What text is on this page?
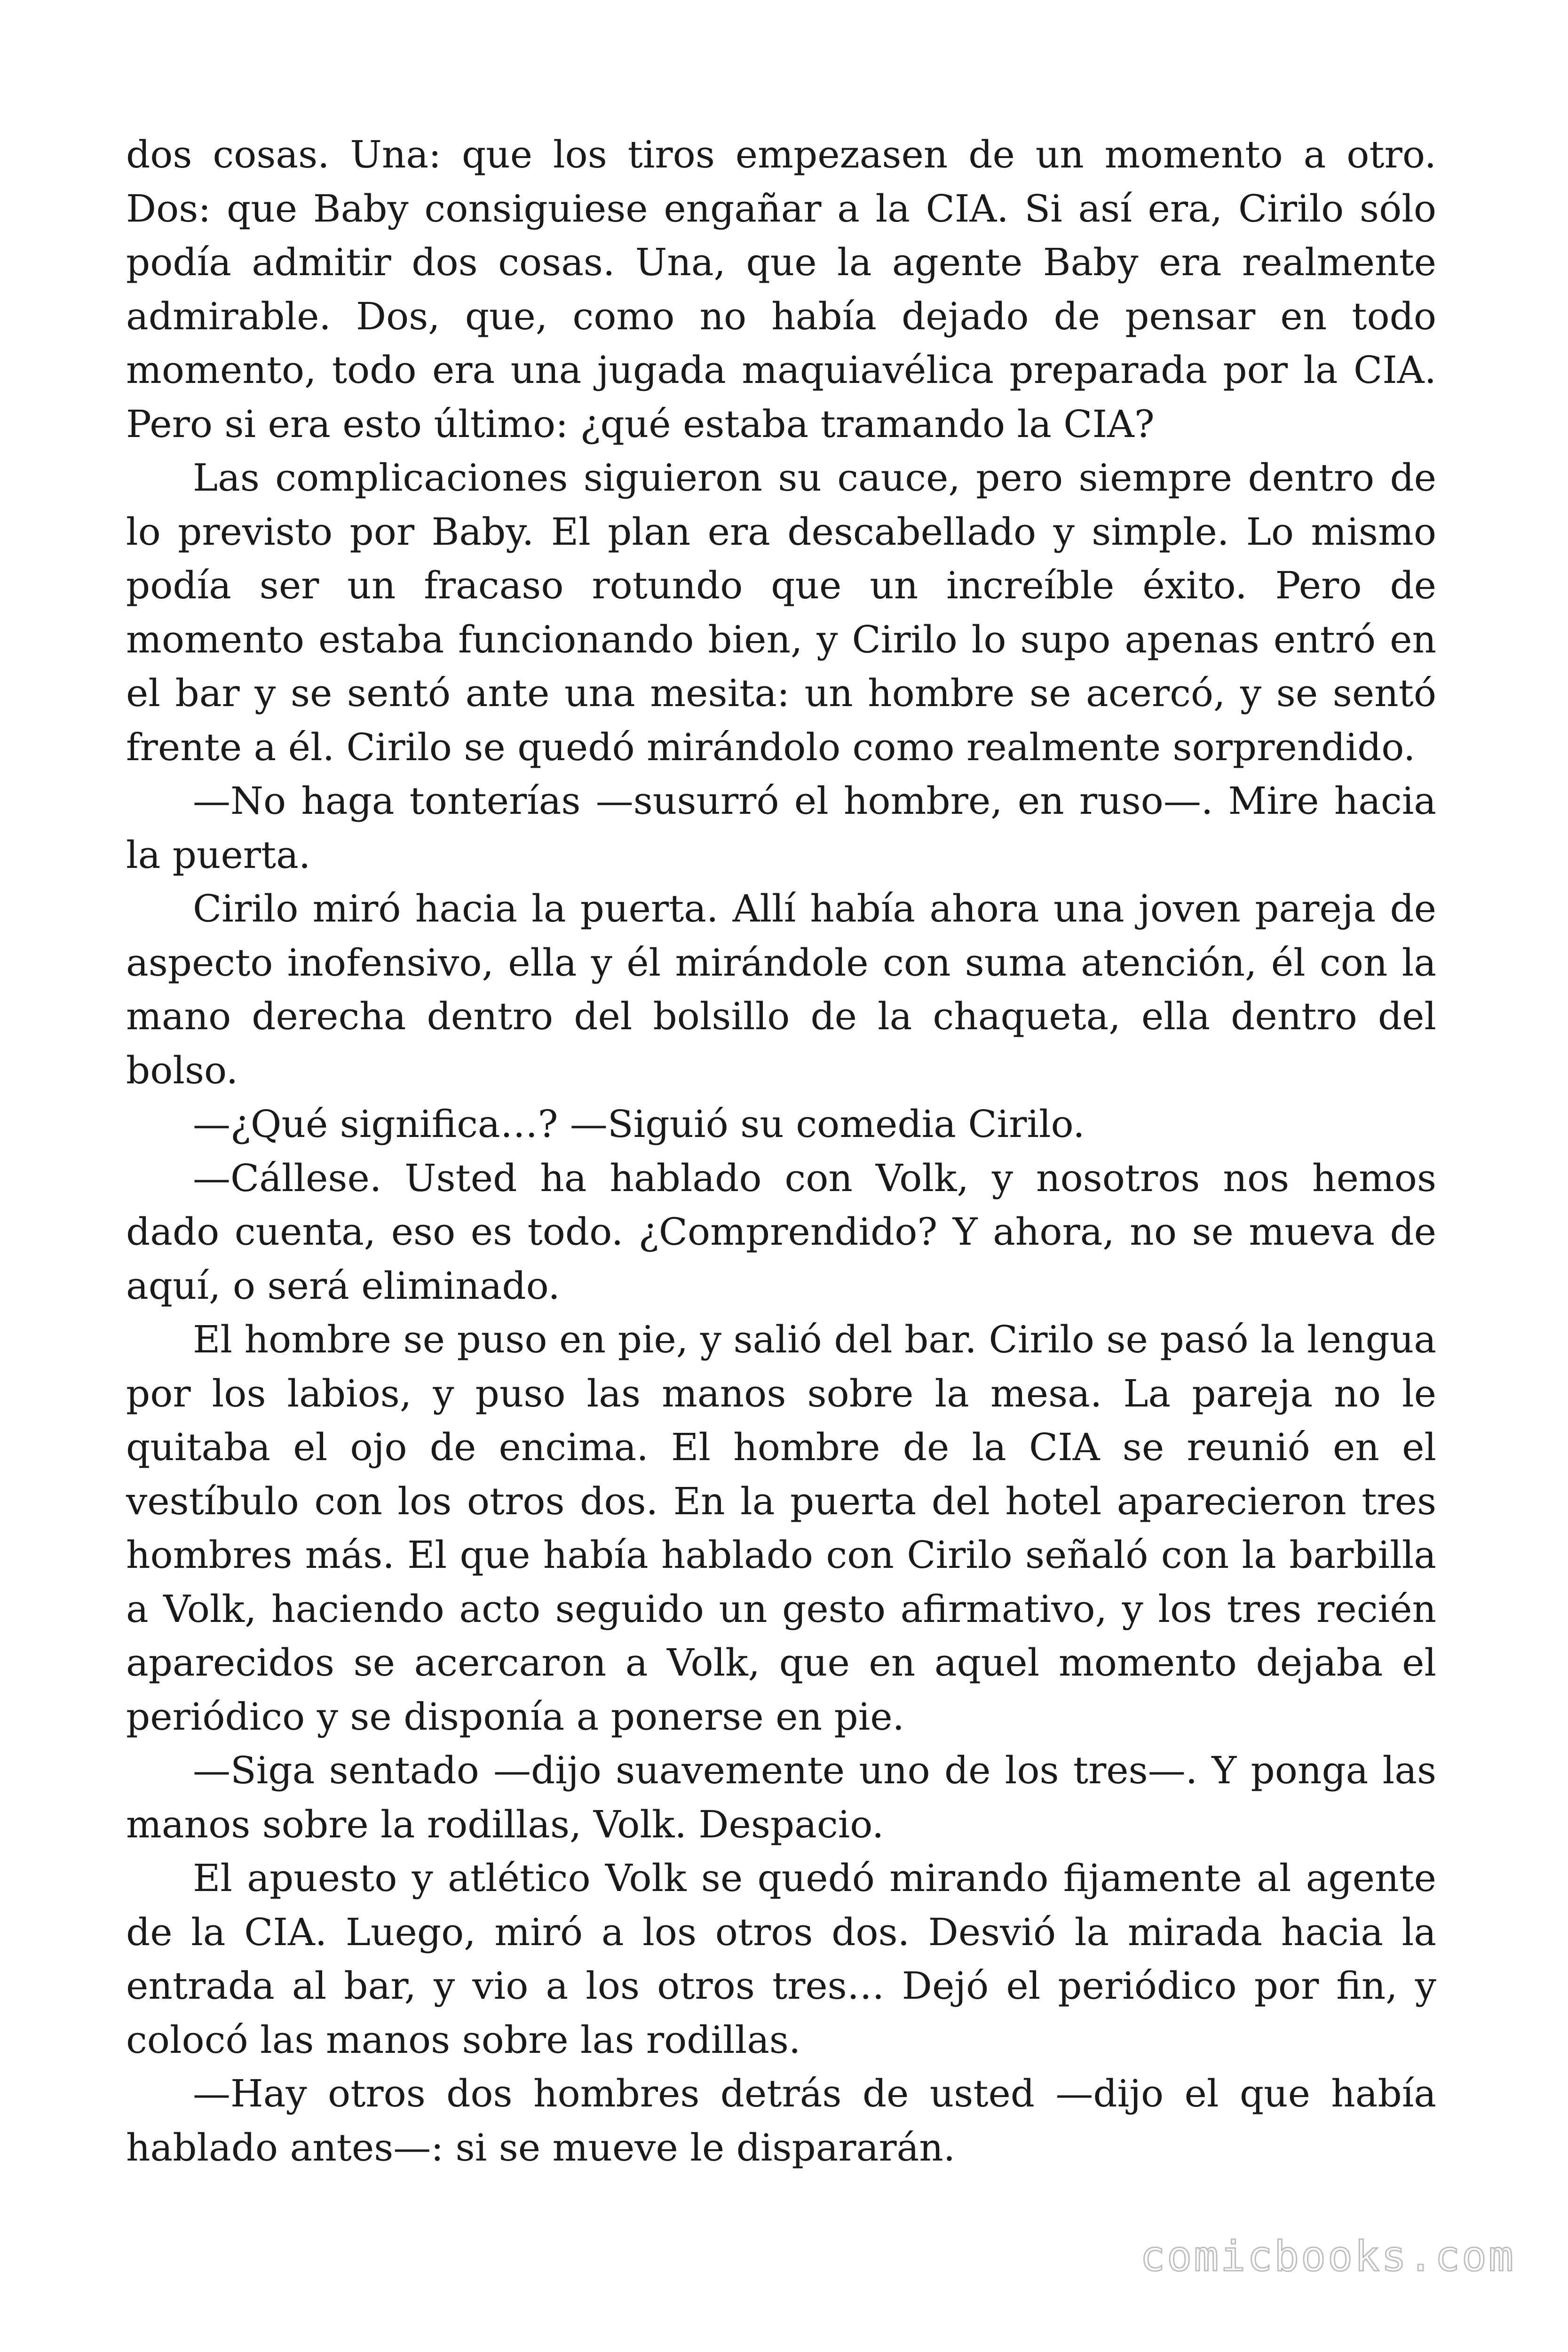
dos cosas. Una: que los tiros empezasen de un momento a otro. Dos: que Baby consiguiese engañar a la CIA. Si así era, Cirilo sólo podía admitir dos cosas. Una, que la agente Baby era realmente admirable. Dos, que, como no había dejado de pensar en todo momento, todo era una jugada maquiavélica preparada por la CIA. Pero si era esto último: ¿qué estaba tramando la CIA?

Las complicaciones siguieron su cauce, pero siempre dentro de lo previsto por Baby. El plan era descabellado y simple. Lo mismo podía ser un fracaso rotundo que un increíble éxito. Pero de momento estaba funcionando bien, y Cirilo lo supo apenas entró en el bar y se sentó ante una mesita: un hombre se acercó, y se sentó frente a él. Cirilo se quedó mirándolo como realmente sorprendido.

—No haga tonterías —susurró el hombre, en ruso—. Mire hacia la puerta.

Cirilo miró hacia la puerta. Allí había ahora una joven pareja de aspecto inofensivo, ella y él mirándole con suma atención, él con la mano derecha dentro del bolsillo de la chaqueta, ella dentro del bolso.

—¿Qué significa…? —Siguió su comedia Cirilo.

—Cállese. Usted ha hablado con Volk, y nosotros nos hemos dado cuenta, eso es todo. ¿Comprendido? Y ahora, no se mueva de aquí, o será eliminado.

El hombre se puso en pie, y salió del bar. Cirilo se pasó la lengua por los labios, y puso las manos sobre la mesa. La pareja no le quitaba el ojo de encima. El hombre de la CIA se reunió en el vestíbulo con los otros dos. En la puerta del hotel aparecieron tres hombres más. El que había hablado con Cirilo señaló con la barbilla a Volk, haciendo acto seguido un gesto afirmativo, y los tres recién aparecidos se acercaron a Volk, que en aquel momento dejaba el periódico y se disponía a ponerse en pie.

—Siga sentado —dijo suavemente uno de los tres—. Y ponga las manos sobre la rodillas, Volk. Despacio.

El apuesto y atlético Volk se quedó mirando fijamente al agente de la CIA. Luego, miró a los otros dos. Desvió la mirada hacia la entrada al bar, y vio a los otros tres… Dejó el periódico por fin, y colocó las manos sobre las rodillas.

—Hay otros dos hombres detrás de usted —dijo el que había hablado antes—: si se mueve le dispararán.

comicbooks.com
